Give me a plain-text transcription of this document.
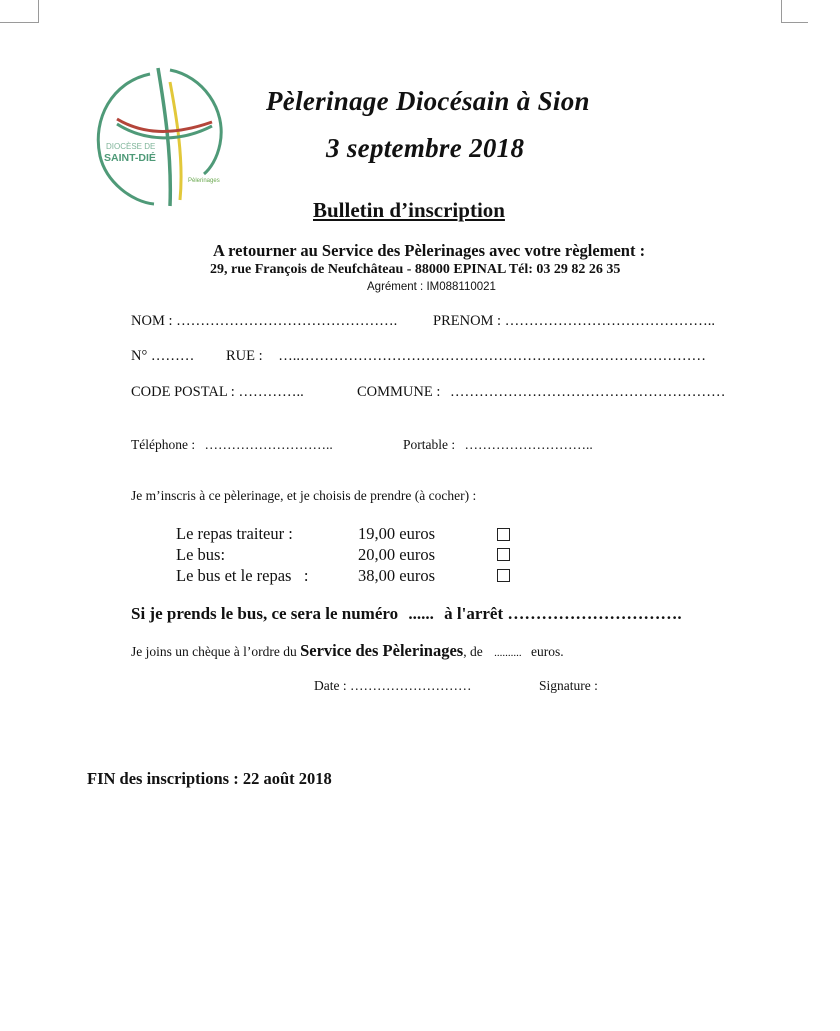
DIOCÈSE DE
SAINT-DIÉ
Pèlerinages
Pèlerinage Diocésain à Sion
3 septembre 2018
Bulletin d’inscription
A retourner au Service des Pèlerinages avec votre règlement :
29, rue François de Neufchâteau - 88000 EPINAL Tél: 03 29 82 26 35
Agrément : IM088110021
NOM : ………………………………………. PRENOM : ……………………………………..
N° ……… RUE : …..…………………………………………………………………………
CODE POSTAL : …………..	COMMUNE : …………………………………………………
Téléphone : ………………………..	Portable : ………………………..
Je m’inscris à ce pèlerinage, et je choisis de prendre (à cocher) :
Le repas traiteur :	19,00 euros
Le bus:	20,00 euros
Le bus et le repas   :	38,00 euros
Si je prends le bus, ce sera le numéro ...... à l'arrêt ………………………….
Je joins un chèque à l’ordre du Service des Pèlerinages, de .......... euros.
Date : ………………………	Signature :
FIN des inscriptions : 22 août 2018
